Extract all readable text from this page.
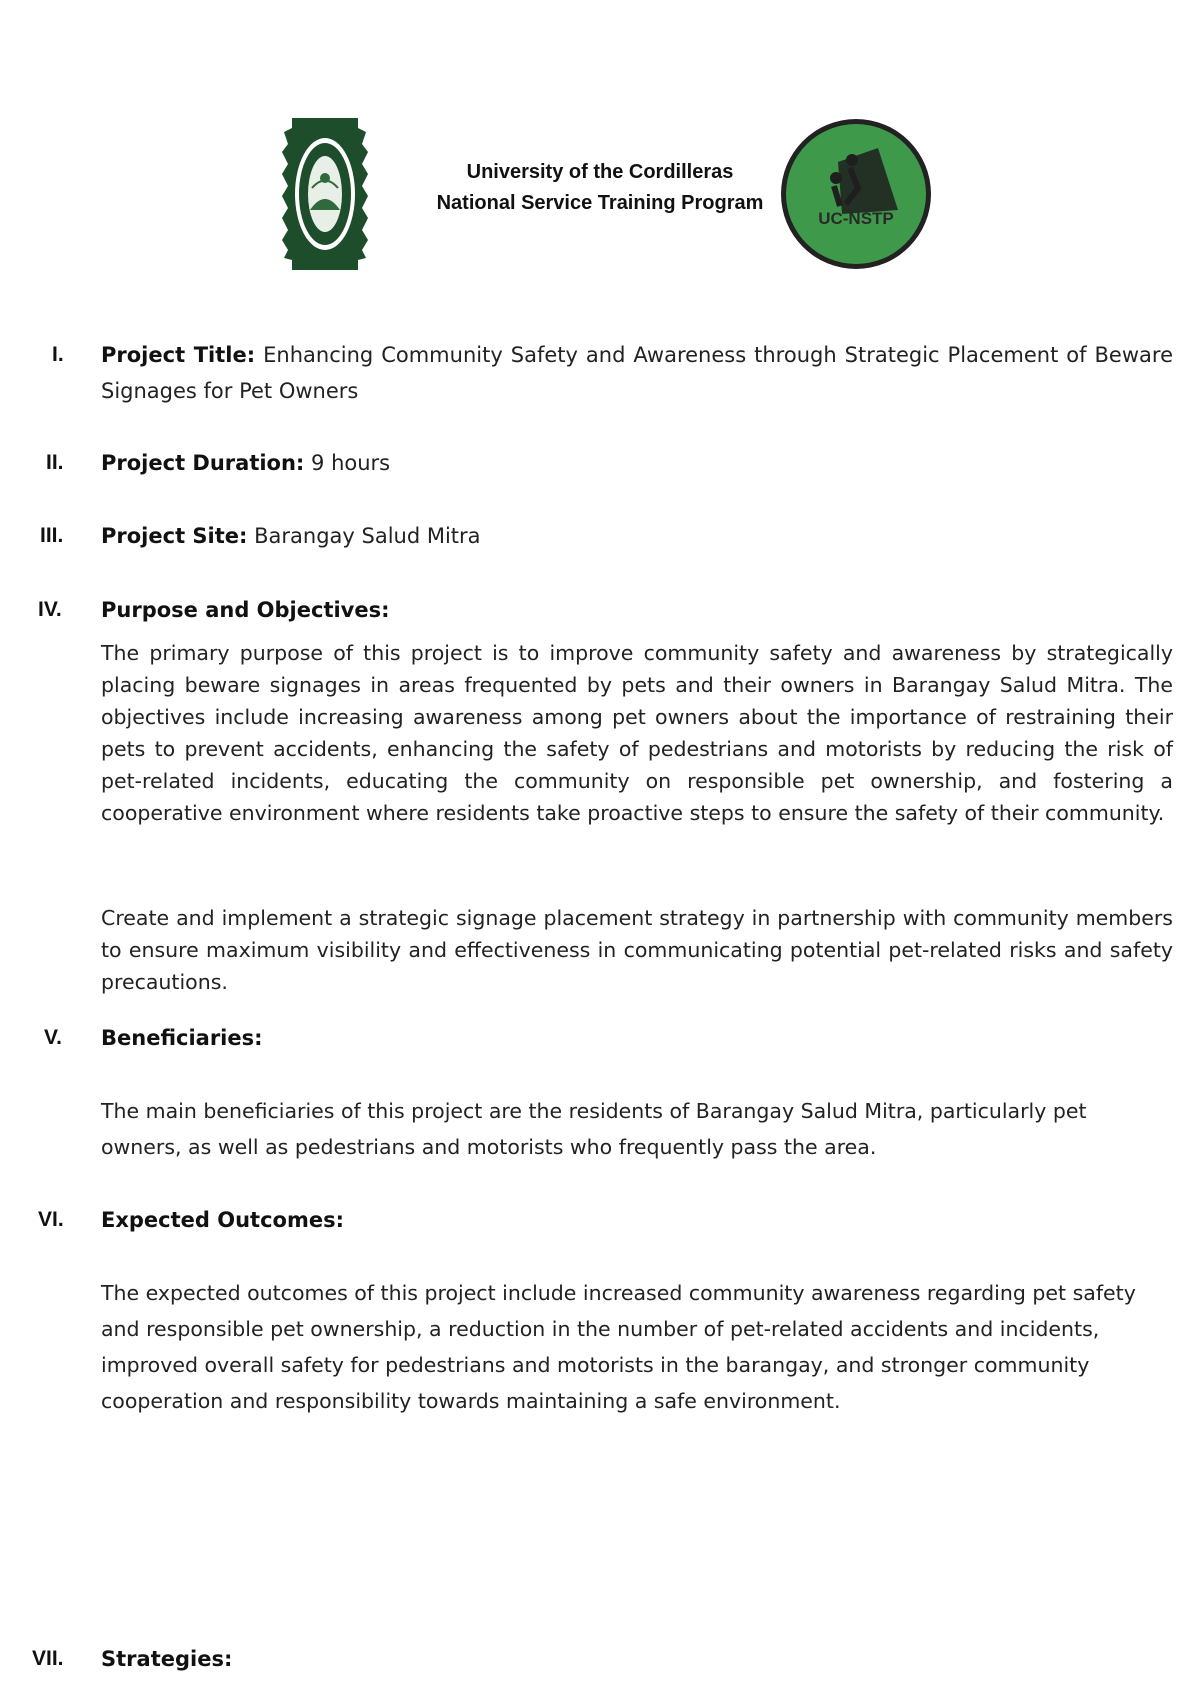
University of the Cordilleras
National Service Training Program
UC-NSTP
I. Project Title: Enhancing Community Safety and Awareness through Strategic Placement of Beware Signages for Pet Owners
II. Project Duration: 9 hours
III. Project Site: Barangay Salud Mitra
IV. Purpose and Objectives:

The primary purpose of this project is to improve community safety and awareness by strategically placing beware signages in areas frequented by pets and their owners in Barangay Salud Mitra. The objectives include increasing awareness among pet owners about the importance of restraining their pets to prevent accidents, enhancing the safety of pedestrians and motorists by reducing the risk of pet-related incidents, educating the community on responsible pet ownership, and fostering a cooperative environment where residents take proactive steps to ensure the safety of their community.

Create and implement a strategic signage placement strategy in partnership with community members to ensure maximum visibility and effectiveness in communicating potential pet-related risks and safety precautions.

V. Beneficiaries:

The main beneficiaries of this project are the residents of Barangay Salud Mitra, particularly pet owners, as well as pedestrians and motorists who frequently pass the area.

VI. Expected Outcomes:

The expected outcomes of this project include increased community awareness regarding pet safety and responsible pet ownership, a reduction in the number of pet-related accidents and incidents, improved overall safety for pedestrians and motorists in the barangay, and stronger community cooperation and responsibility towards maintaining a safe environment.

VII. Strategies:
